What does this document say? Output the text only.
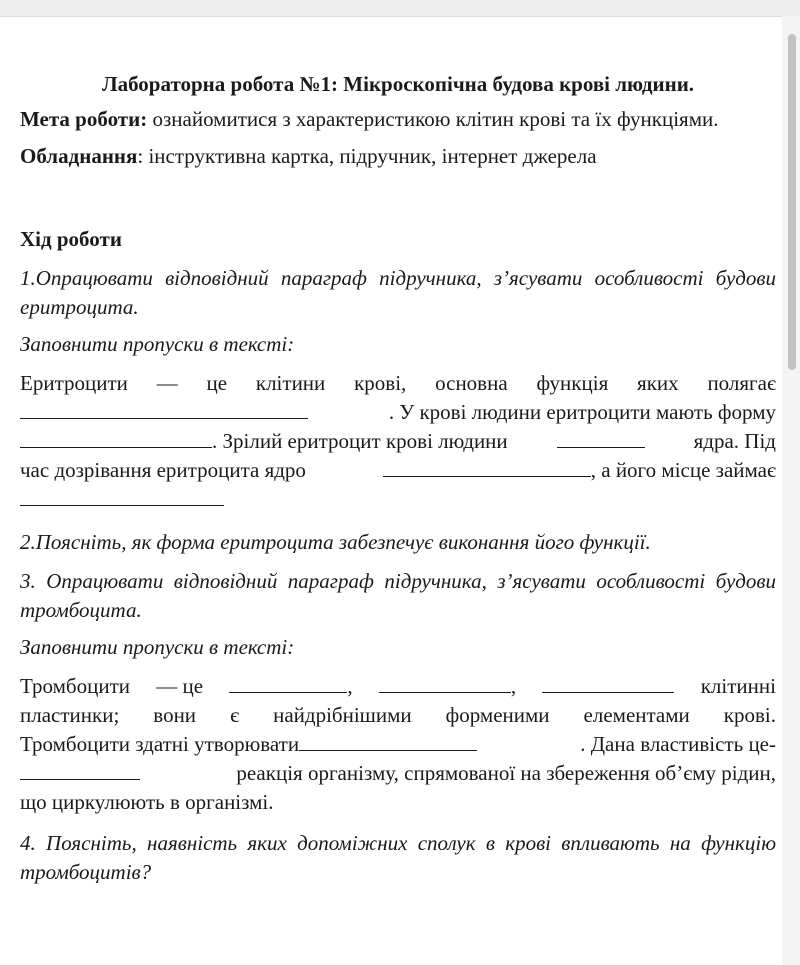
Лабораторна робота №1: Мікроскопічна будова крові людини.

Мета роботи: ознайомитися з характеристикою клітин крові та їх функціями.

Обладнання: інструктивна картка, підручник, інтернет джерела

Хід роботи

1.Опрацювати відповідний параграф підручника, з’ясувати особливості будови еритроцита.

Заповнити пропуски в тексті:

Еритроцити — це клітини крові, основна функція яких полягає

. У крові людини еритроцити мають форму
. Зрілий еритроцит крові людини	ядра. Під
час дозрівання еритроцита ядро	, а його місце займає

2.Поясніть, як форма еритроцита забезпечує виконання його функції.

3. Опрацювати відповідний параграф підручника, з’ясувати особливості будови тромбоцита.

Заповнити пропуски в тексті:

Тромбоцити — це	,	,	клітинні

пластинки; вони є найдрібнішими форменими елементами крові.

Тромбоцити здатні утворювати	. Дана властивість це-
реакція організму, спрямованої на збереження об’єму рідин,

що циркулюють в організмі.

4. Поясніть, наявність яких допоміжних сполук в крові впливають на функцію тромбоцитів?
